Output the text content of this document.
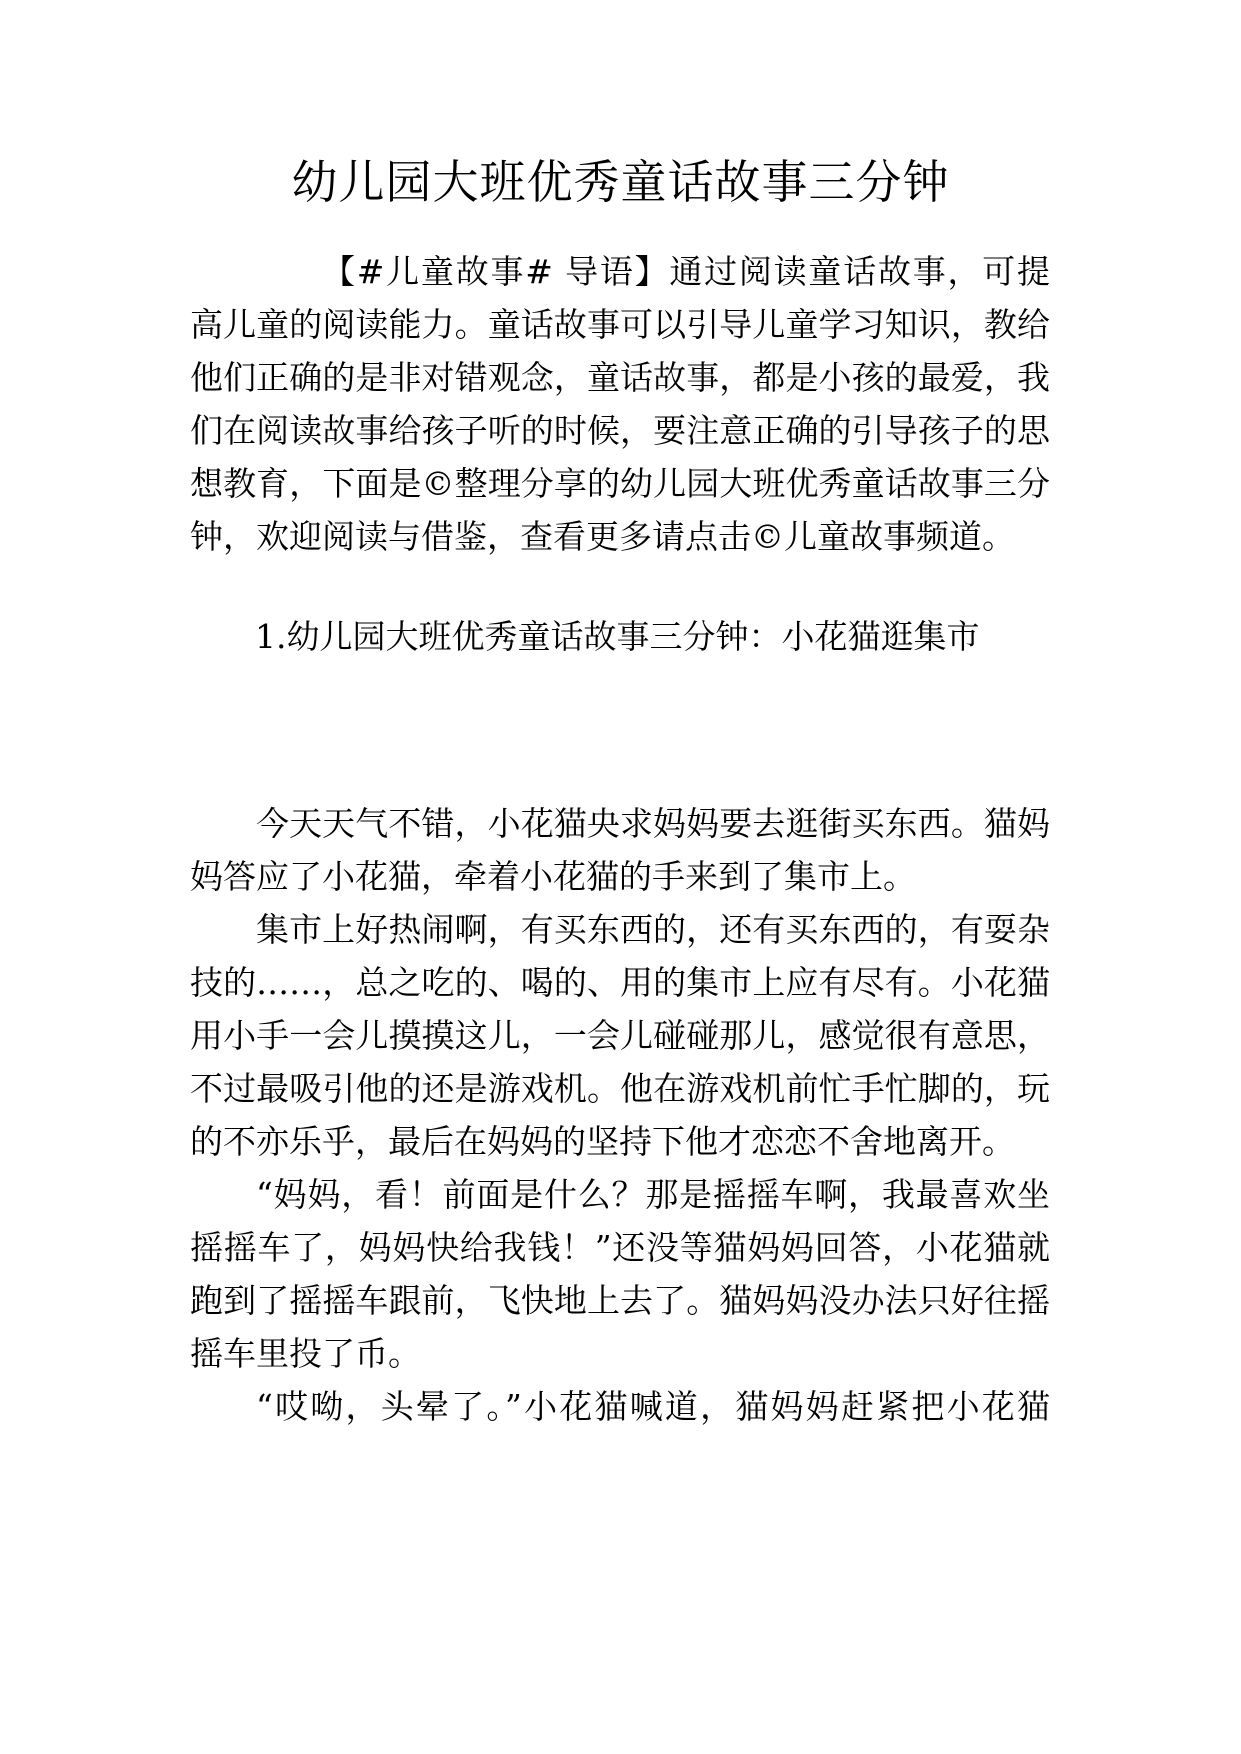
幼儿园大班优秀童话故事三分钟

【#儿童故事# 导语】通过阅读童话故事，可提

高儿童的阅读能力。童话故事可以引导儿童学习知识，教给

他们正确的是非对错观念，童话故事，都是小孩的最爱，我

们在阅读故事给孩子听的时候，要注意正确的引导孩子的思

想教育，下面是©整理分享的幼儿园大班优秀童话故事三分

钟，欢迎阅读与借鉴，查看更多请点击©儿童故事频道。

1.幼儿园大班优秀童话故事三分钟：小花猫逛集市

今天天气不错，小花猫央求妈妈要去逛街买东西。猫妈

妈答应了小花猫，牵着小花猫的手来到了集市上。

集市上好热闹啊，有买东西的，还有买东西的，有耍杂

技的……，总之吃的、喝的、用的集市上应有尽有。小花猫

用小手一会儿摸摸这儿，一会儿碰碰那儿，感觉很有意思，

不过最吸引他的还是游戏机。他在游戏机前忙手忙脚的，玩

的不亦乐乎，最后在妈妈的坚持下他才恋恋不舍地离开。

“妈妈，看！前面是什么？那是摇摇车啊，我最喜欢坐

摇摇车了，妈妈快给我钱！”还没等猫妈妈回答，小花猫就

跑到了摇摇车跟前，飞快地上去了。猫妈妈没办法只好往摇

摇车里投了币。

“哎呦，头晕了。”小花猫喊道，猫妈妈赶紧把小花猫
